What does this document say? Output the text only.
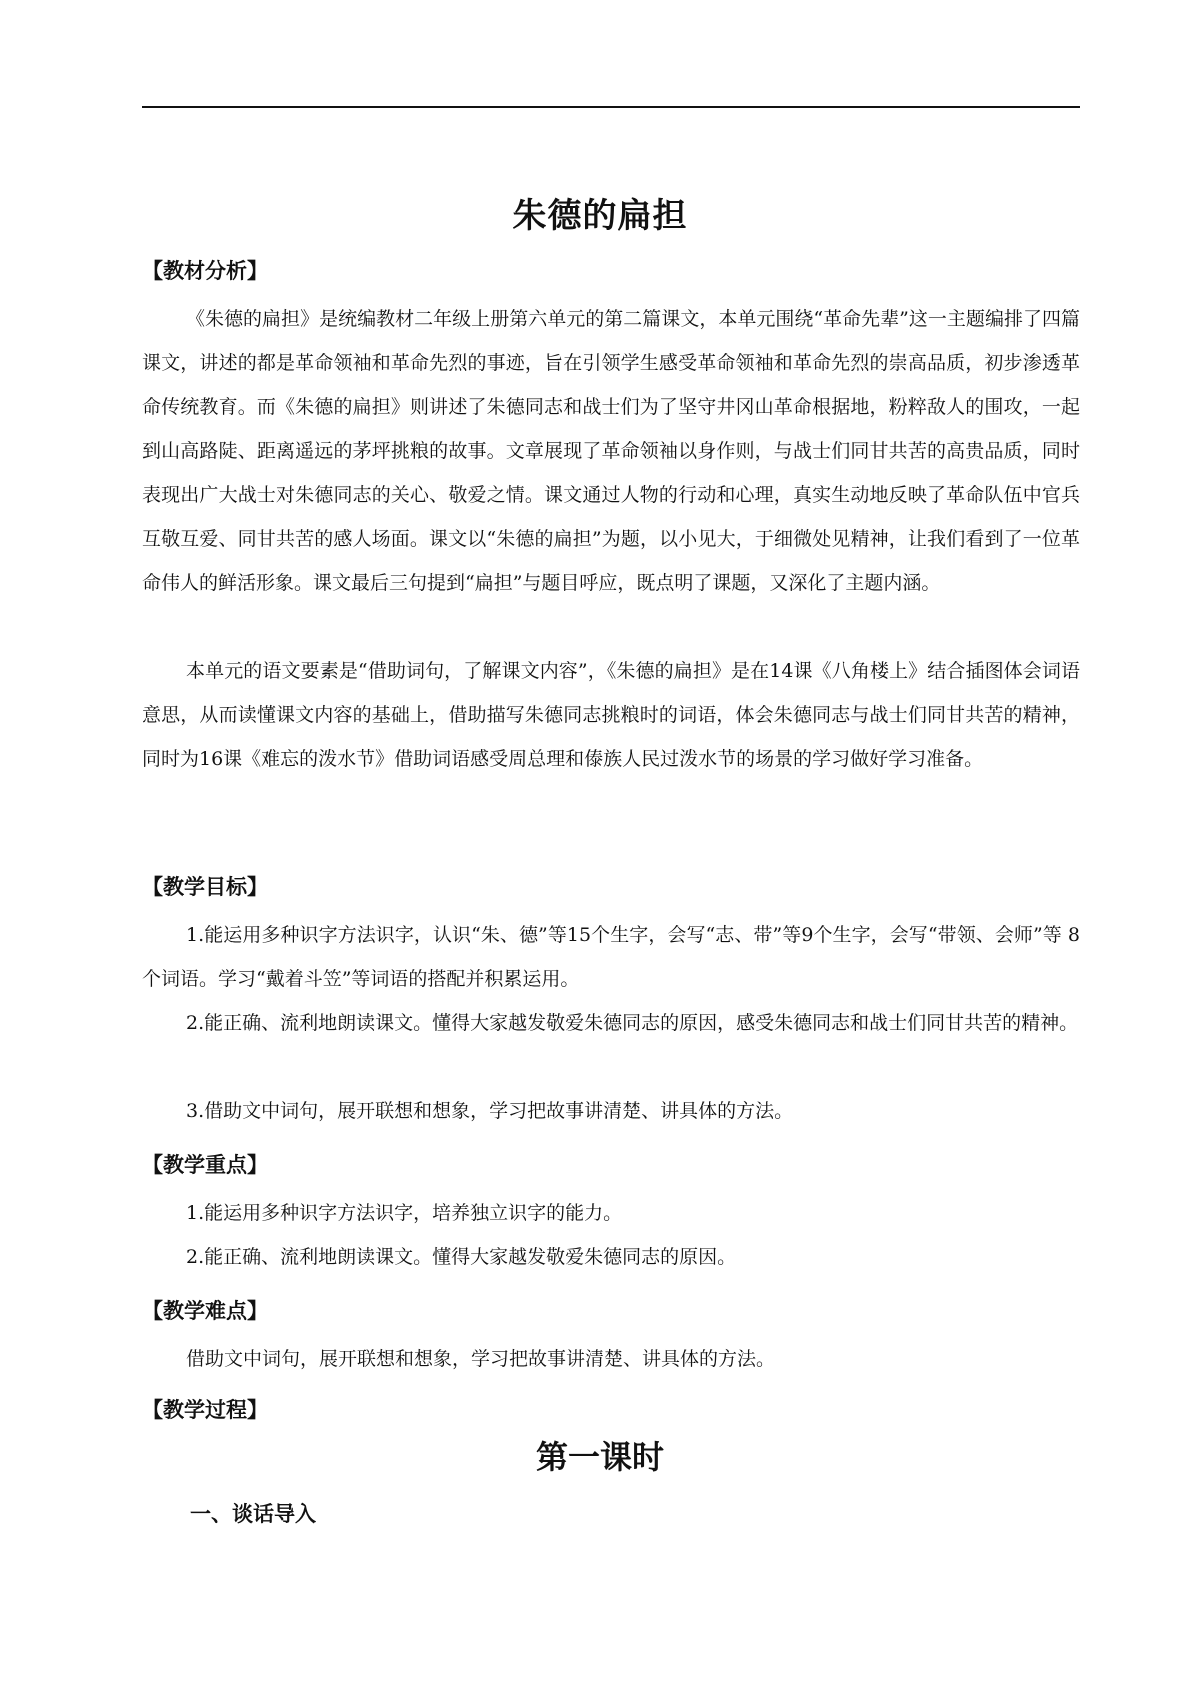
朱德的扁担
【教材分析】

《朱德的扁担》是统编教材二年级上册第六单元的第二篇课文，本单元围绕“革命先辈”这一主题编排了四篇课文，讲述的都是革命领袖和革命先烈的事迹，旨在引领学生感受革命领袖和革命先烈的崇高品质，初步渗透革命传统教育。而《朱德的扁担》则讲述了朱德同志和战士们为了坚守井冈山革命根据地，粉粹敌人的围攻，一起到山高路陡、距离遥远的茅坪挑粮的故事。文章展现了革命领袖以身作则，与战士们同甘共苦的高贵品质，同时表现出广大战士对朱德同志的关心、敬爱之情。课文通过人物的行动和心理，真实生动地反映了革命队伍中官兵互敬互爱、同甘共苦的感人场面。课文以“朱德的扁担”为题，以小见大，于细微处见精神，让我们看到了一位革命伟人的鲜活形象。课文最后三句提到“扁担”与题目呼应，既点明了课题，又深化了主题内涵。

本单元的语文要素是“借助词句，了解课文内容”，《朱德的扁担》是在14课《八角楼上》结合插图体会词语意思，从而读懂课文内容的基础上，借助描写朱德同志挑粮时的词语，体会朱德同志与战士们同甘共苦的精神，同时为16课《难忘的泼水节》借助词语感受周总理和傣族人民过泼水节的场景的学习做好学习准备。

【教学目标】

1.能运用多种识字方法识字，认识“朱、德”等15个生字，会写“志、带”等9个生字，会写“带领、会师”等 8 个词语。学习“戴着斗笠”等词语的搭配并积累运用。

2.能正确、流利地朗读课文。懂得大家越发敬爱朱德同志的原因，感受朱德同志和战士们同甘共苦的精神。

3.借助文中词句，展开联想和想象，学习把故事讲清楚、讲具体的方法。

【教学重点】

1.能运用多种识字方法识字，培养独立识字的能力。

2.能正确、流利地朗读课文。懂得大家越发敬爱朱德同志的原因。

【教学难点】

借助文中词句，展开联想和想象，学习把故事讲清楚、讲具体的方法。

【教学过程】
第一课时
一、谈话导入
